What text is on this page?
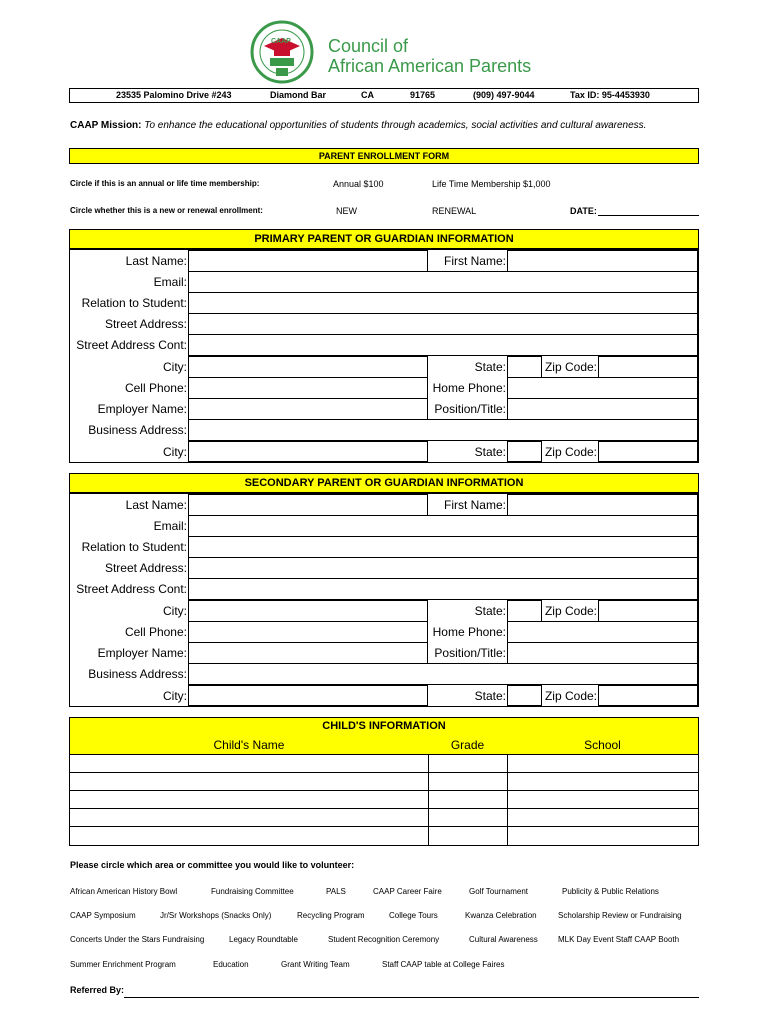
CAAP Council of
African American Parents
23535 Palomino Drive #243	Diamond Bar	CA	91765	(909) 497-9044	Tax ID: 95-4453930
CAAP Mission: To enhance the educational opportunities of students through academics, social activities and cultural awareness.
PARENT ENROLLMENT FORM
Circle if this is an annual or life time membership:	Annual $100	Life Time Membership $1,000
Circle whether this is a new or renewal enrollment:	NEW	RENEWAL	DATE:
PRIMARY PARENT OR GUARDIAN INFORMATION
Last Name:	First Name:
Email:
Relation to Student:
Street Address:
Street Address Cont:
City:	State:	Zip Code:
Cell Phone:	Home Phone:
Employer Name:	Position/Title:
Business Address:
City:	State:	Zip Code:
SECONDARY PARENT OR GUARDIAN INFORMATION
Last Name:	First Name:
Email:
Relation to Student:
Street Address:
Street Address Cont:
City:	State:	Zip Code:
Cell Phone:	Home Phone:
Employer Name:	Position/Title:
Business Address:
City:	State:	Zip Code:
CHILD'S INFORMATION
Child's Name	Grade	School
Please circle which area or committee you would like to volunteer:
African American History Bowl	Fundraising Committee	PALS	CAAP Career Faire	Golf Tournament	Publicity & Public Relations
CAAP Symposium	Jr/Sr Workshops (Snacks Only)	Recycling Program	College Tours	Kwanza Celebration	Scholarship Review or Fundraising
Concerts Under the Stars Fundraising	Legacy Roundtable	Student Recognition Ceremony	Cultural Awareness	MLK Day Event Staff CAAP Booth
Summer Enrichment Program	Education	Grant Writing Team	Staff CAAP table at College Faires
Referred By:
